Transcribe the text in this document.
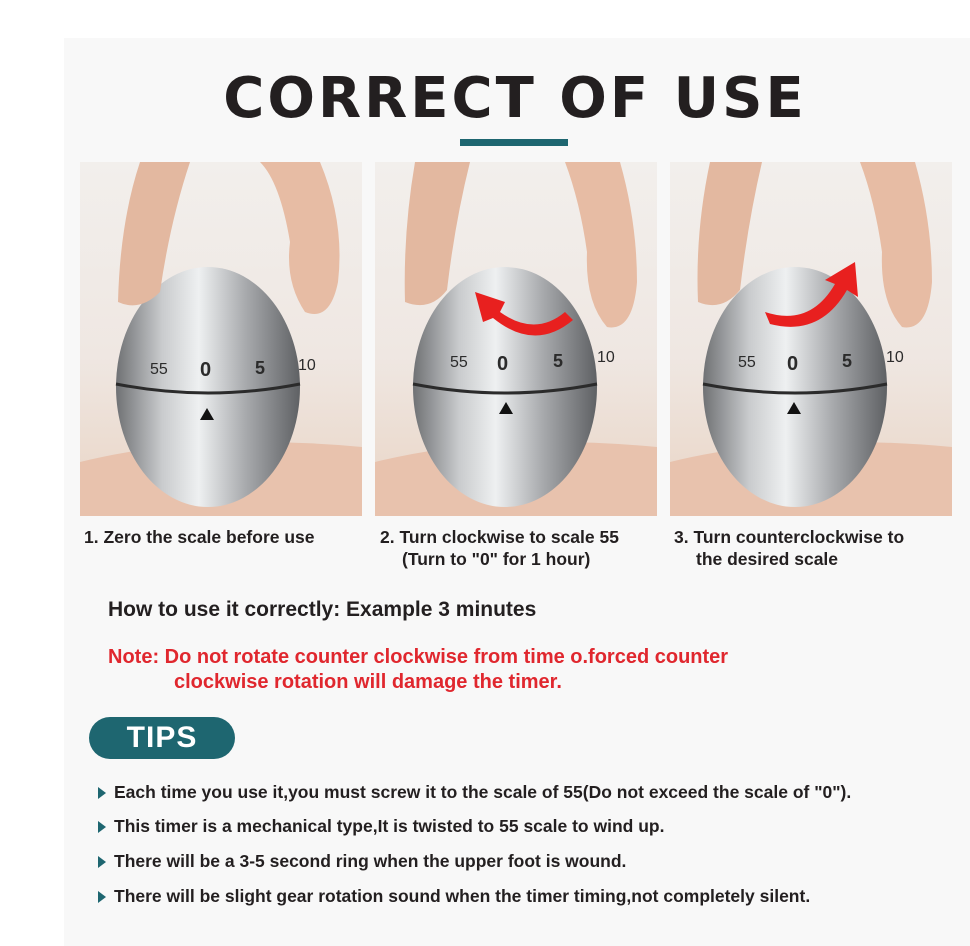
CORRECT OF USE
55 0 5 10	55 0 5 10	55 0 5 10
1. Zero the scale before use	2. Turn clockwise to scale 55
(Turn to "0" for 1 hour)
3. Turn counterclockwise to
the desired scale
How to use it correctly: Example 3 minutes
Note: Do not rotate counter clockwise from time o.forced counter
clockwise rotation will damage the timer.
TIPS
Each time you use it,you must screw it to the scale of 55(Do not exceed the scale of "0").
This timer is a mechanical type,It is twisted to 55 scale to wind up.
There will be a 3-5 second ring when the upper foot is wound.
There will be slight gear rotation sound when the timer timing,not completely silent.
